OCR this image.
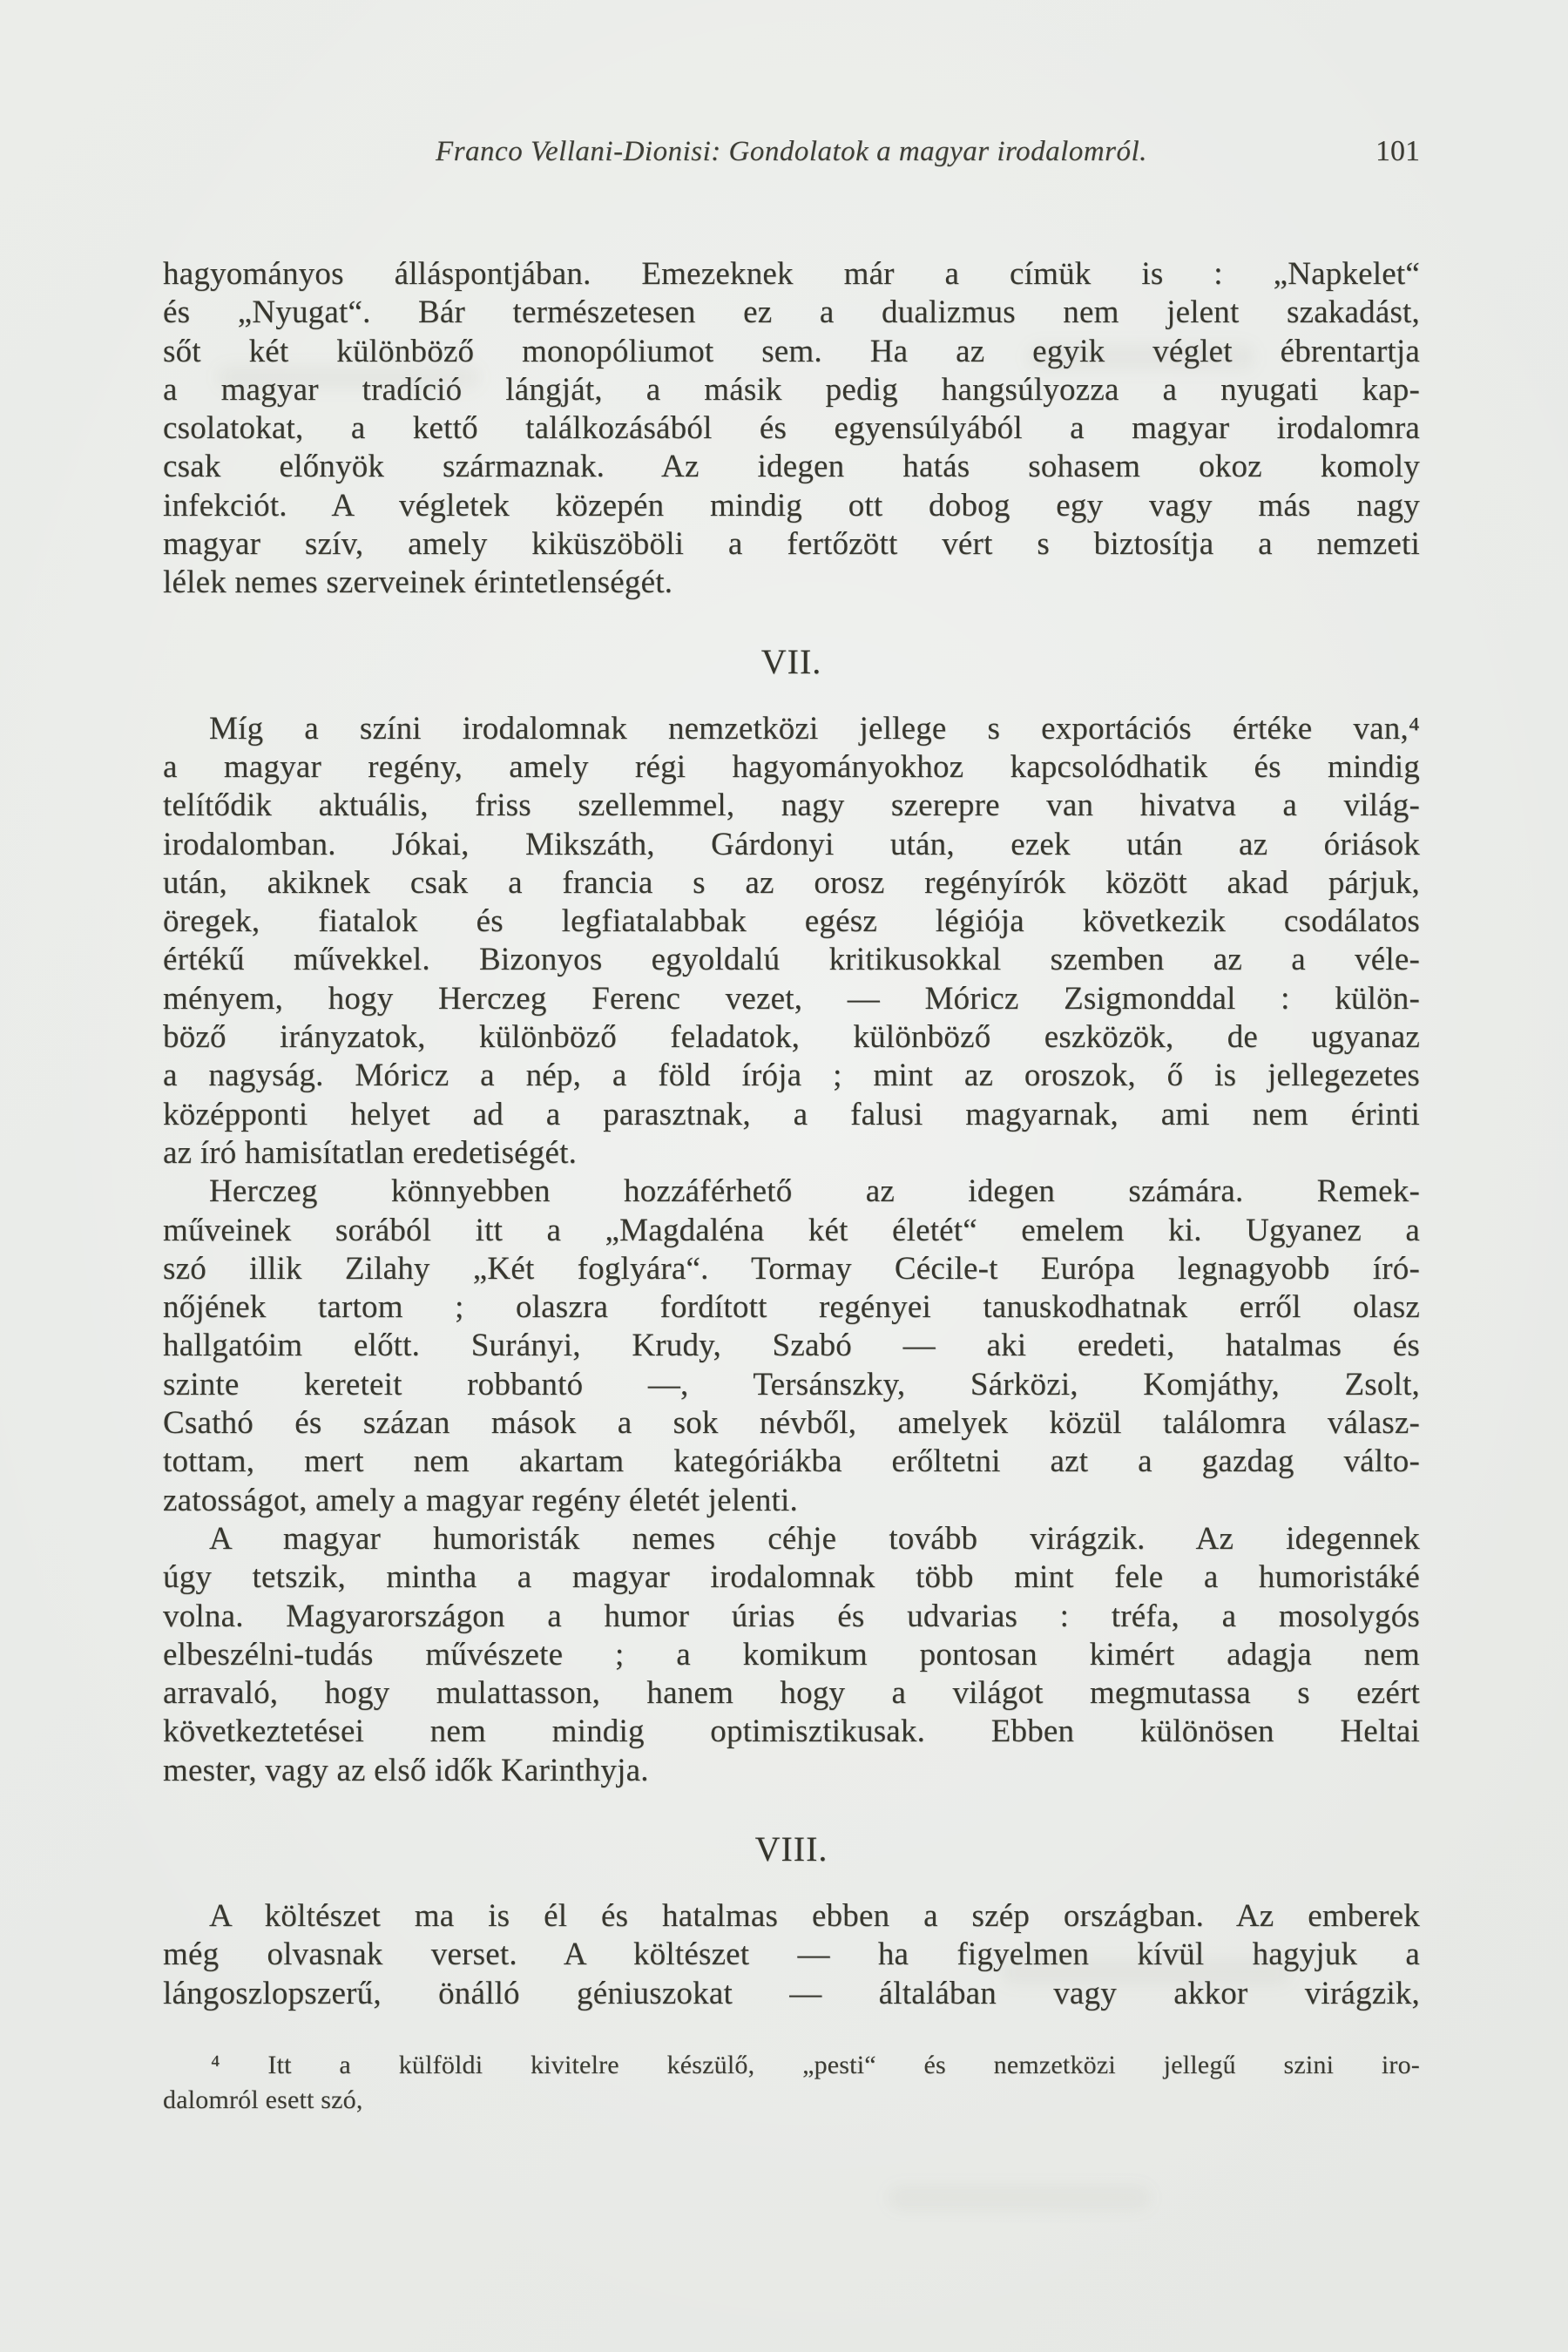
Franco Vellani-Dionisi: Gondolatok a magyar irodalomról.	101
hagyományos álláspontjában. Emezeknek már a címük is : „Napkelet“
és „Nyugat“. Bár természetesen ez a dualizmus nem jelent szakadást,
sőt két különböző monopóliumot sem. Ha az egyik véglet ébrentartja
a magyar tradíció lángját, a másik pedig hangsúlyozza a nyugati kap-
csolatokat, a kettő találkozásából és egyensúlyából a magyar irodalomra
csak előnyök származnak. Az idegen hatás sohasem okoz komoly
infekciót. A végletek közepén mindig ott dobog egy vagy más nagy
magyar szív, amely kiküszöböli a fertőzött vért s biztosítja a nemzeti
lélek nemes szerveinek érintetlenségét.
VII.
Míg a színi irodalomnak nemzetközi jellege s exportációs értéke van,⁴
a magyar regény, amely régi hagyományokhoz kapcsolódhatik és mindig
telítődik aktuális, friss szellemmel, nagy szerepre van hivatva a világ-
irodalomban. Jókai, Mikszáth, Gárdonyi után, ezek után az óriások
után, akiknek csak a francia s az orosz regényírók között akad párjuk,
öregek, fiatalok és legfiatalabbak egész légiója következik csodálatos
értékű művekkel. Bizonyos egyoldalú kritikusokkal szemben az a véle-
ményem, hogy Herczeg Ferenc vezet, — Móricz Zsigmonddal : külön-
böző irányzatok, különböző feladatok, különböző eszközök, de ugyanaz
a nagyság. Móricz a nép, a föld írója ; mint az oroszok, ő is jellegezetes
középponti helyet ad a parasztnak, a falusi magyarnak, ami nem érinti
az író hamisítatlan eredetiségét.
Herczeg könnyebben hozzáférhető az idegen számára. Remek-
műveinek sorából itt a „Magdaléna két életét“ emelem ki. Ugyanez a
szó illik Zilahy „Két foglyára“. Tormay Cécile-t Európa legnagyobb író-
nőjének tartom ; olaszra fordított regényei tanuskodhatnak erről olasz
hallgatóim előtt. Surányi, Krudy, Szabó — aki eredeti, hatalmas és
szinte kereteit robbantó —, Tersánszky, Sárközi, Komjáthy, Zsolt,
Csathó és százan mások a sok névből, amelyek közül találomra válasz-
tottam, mert nem akartam kategóriákba erőltetni azt a gazdag válto-
zatosságot, amely a magyar regény életét jelenti.
A magyar humoristák nemes céhje tovább virágzik. Az idegennek
úgy tetszik, mintha a magyar irodalomnak több mint fele a humoristáké
volna. Magyarországon a humor úrias és udvarias : tréfa, a mosolygós
elbeszélni-tudás művészete ; a komikum pontosan kimért adagja nem
arravaló, hogy mulattasson, hanem hogy a világot megmutassa s ezért
következtetései nem mindig optimisztikusak. Ebben különösen Heltai
mester, vagy az első idők Karinthyja.
VIII.
A költészet ma is él és hatalmas ebben a szép országban. Az emberek
még olvasnak verset. A költészet — ha figyelmen kívül hagyjuk a
lángoszlopszerű, önálló géniuszokat — általában vagy akkor virágzik,
⁴ Itt a külföldi kivitelre készülő, „pesti“ és nemzetközi jellegű szini iro-
dalomról esett szó,
